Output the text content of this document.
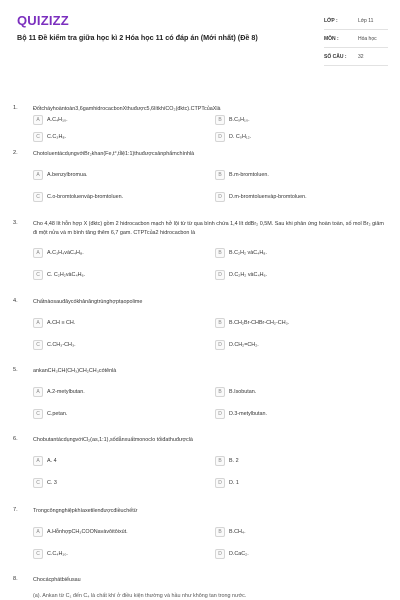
QUIZIZZ
Bộ 11 Đề kiểm tra giữa học kì 2 Hóa học 11 có đáp án (Mới nhất) (Đề 8)
LỚP :	Lớp 11
MÔN :	Hóa học
SỐ CÂU :	32
1.	Đốtcháyhoàntoàn3,6gamhidrocacbonXthuđược5,6lítkhíCO₂(đktc).CTPTcủaXlà
A	A.C₄H₁₀.	B	B.C₅H₁₀.
C	C.C₃H₈.	D	D. C₅H₁₂.
2.	ChotoluentácdụngvớiBr₂khan(Fe,t°,tỉlệ1:1)thuđượcsảnphẩmchínhlà
A	A.benzylbromua.	B	B.m-bromtoluen.
C	C.o-bromtoluenvàp-bromtoluen.	D	D.m-bromtoluenvàp-bromtoluen.
3.	Cho 4,48 lít hỗn hợp X (đktc) gồm 2 hidrocacbon mạch hở lội từ từ qua bình chứa 1,4 lít ddBr₂ 0,5M. Sau khi phản ứng hoàn toàn, số mol Br₂ giảm đi một nửa và m bình tăng thêm 6,7 gam. CTPTcủa2 hidrocacbon là
A	A.C₃H₄vàC₄H₈.	B	B.C₂H₂ vàC₄H₈.
C	C. C₂H₂vàC₄H₆.	D	D.C₂H₂ vàC₄H₆.
4.	Chấtnàosauđâycókhảnăngtrùnghợptạopolime
A	A.CH ≡ CH.	B	B.CH₂Br-CHBr-CH₂-CH₃.
C	C.CH₃-CH₃.	D	D.CH₂=CH₂.
5.	ankanCH₃CH(CH₃)CH₂CH₃cótênlà
A	A.2-metylbutan.	B	B.Isobutan.
C	C.petan.	D	D.3-metylbutan.
6.	ChobutantácdụngvớiCl₂(as,1:1),sốdẫnxuấtmonoclo tốiđathuđượclà
A	A. 4	B	B. 2
C	C. 3	D	D. 1
7.	Trongcôngnghiệpkhíaxetilenđượcđiềuchếtừ
A	A.HỗnhợpCH₃COONavàvôitôixút.	B	B.CH₄.
C	C.C₄H₁₀.	D	D.CaC₂.
8.	Chocácphátbiểusau
(a). Ankan từ C₁ đến C₄ là chất khí ở điều kiện thường và hầu như không tan trong nước.
